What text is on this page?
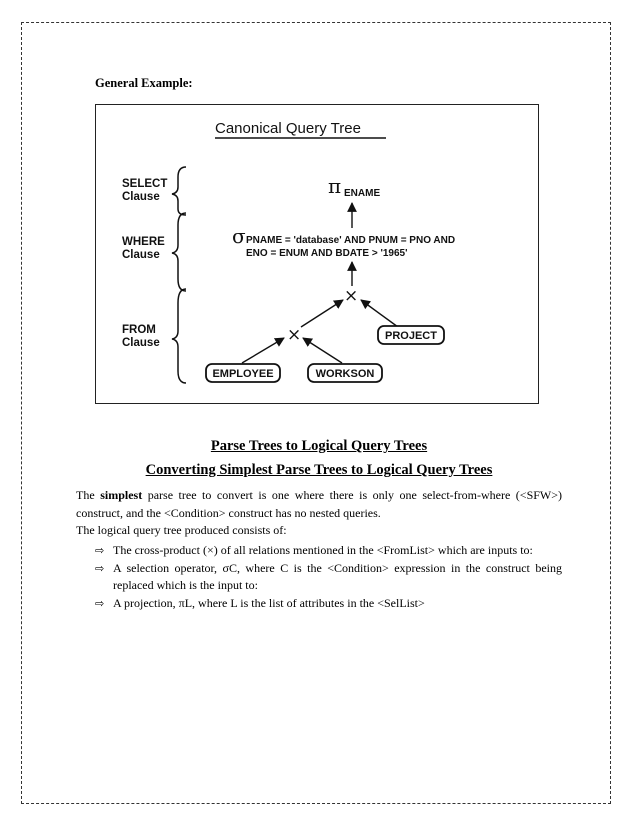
General Example:
Canonical Query Tree
SELECT
Clause
WHERE
Clause
FROM
Clause
π ENAME
σ PNAME = 'database' AND PNUM = PNO AND
ENO = ENUM AND BDATE > '1965'
×
×
EMPLOYEE	WORKSON
PROJECT
Parse Trees to Logical Query Trees
Converting Simplest Parse Trees to Logical Query Trees
The simplest parse tree to convert is one where there is only one select-from-where (<SFW>) construct, and the <Condition> construct has no nested queries.
The logical query tree produced consists of:
⇨ The cross-product (×) of all relations mentioned in the <FromList> which are inputs to:
⇨ A selection operator, σC, where C is the <Condition> expression in the construct being replaced which is the input to:
⇨ A projection, πL, where L is the list of attributes in the <SelList>
